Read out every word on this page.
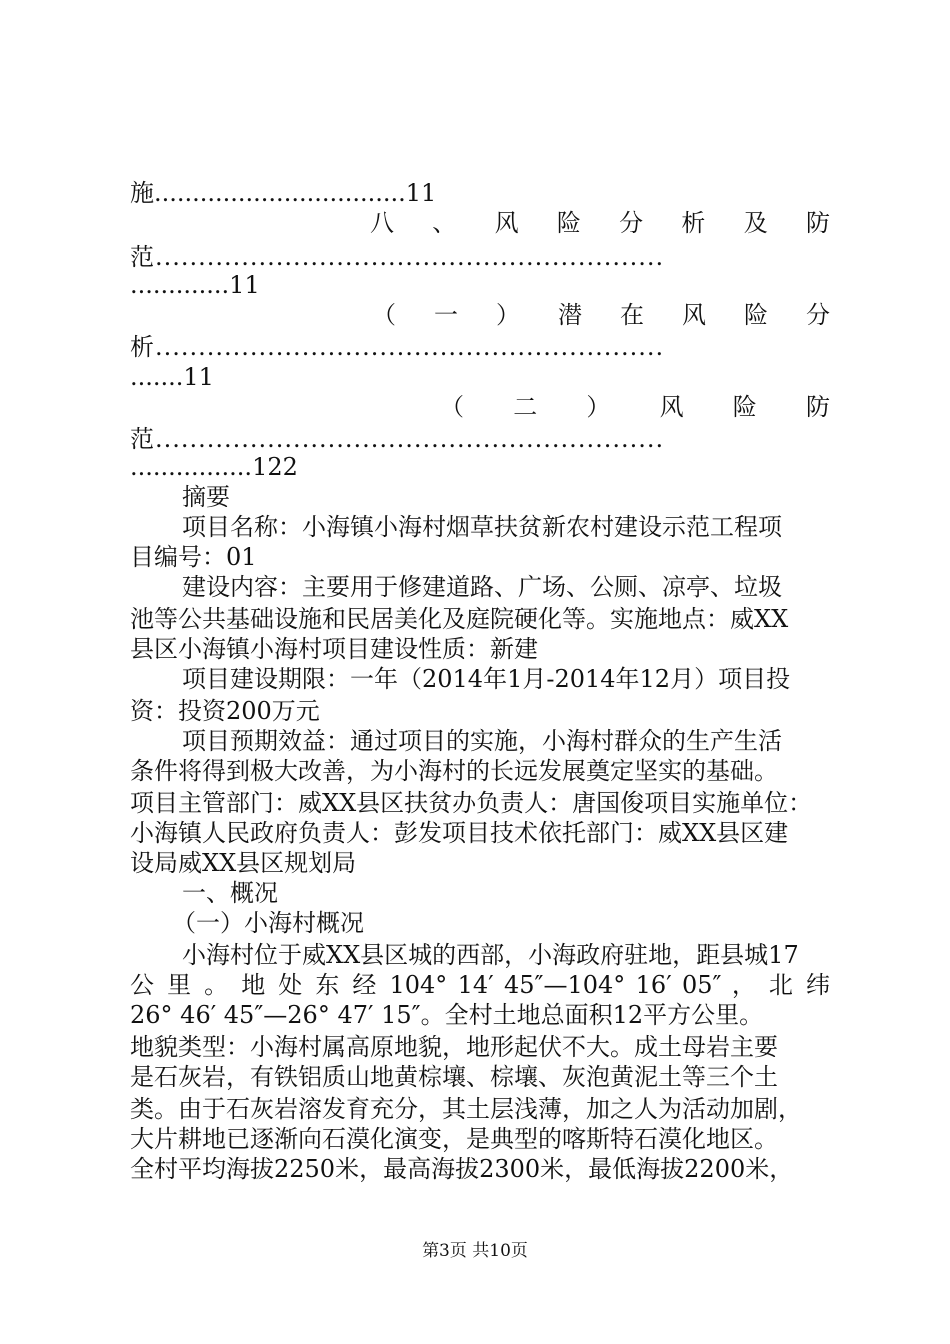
施.................................11
八 、 风 险 分 析 及 防
范...........................................................
.............11
（ 一 ） 潜 在 风 险 分
析...........................................................
.......11
（ 二 ） 风 险 防
范...........................................................
................122
摘要
项目名称：小海镇小海村烟草扶贫新农村建设示范工程项
目编号：01
建设内容：主要用于修建道路、广场、公厕、凉亭、垃圾
池等公共基础设施和民居美化及庭院硬化等。实施地点：威XX
县区小海镇小海村项目建设性质：新建
项目建设期限：一年（2014年1月-2014年12月）项目投
资：投资200万元
项目预期效益：通过项目的实施，小海村群众的生产生活
条件将得到极大改善，为小海村的长远发展奠定坚实的基础。
项目主管部门：威XX县区扶贫办负责人：唐国俊项目实施单位：
小海镇人民政府负责人：彭发项目技术依托部门：威XX县区建
设局威XX县区规划局
一、概况
（一）小海村概况
小海村位于威XX县区城的西部，小海政府驻地，距县城17
公 里 。 地 处 东 经 104° 14′ 45″—104° 16′ 05″ ， 北 纬
26° 46′ 45″—26° 47′ 15″。全村土地总面积12平方公里。
地貌类型：小海村属高原地貌，地形起伏不大。成土母岩主要
是石灰岩，有铁铝质山地黄棕壤、棕壤、灰泡黄泥土等三个土
类。由于石灰岩溶发育充分，其土层浅薄，加之人为活动加剧，
大片耕地已逐渐向石漠化演变，是典型的喀斯特石漠化地区。
全村平均海拔2250米，最高海拔2300米，最低海拔2200米，
第3页 共10页
